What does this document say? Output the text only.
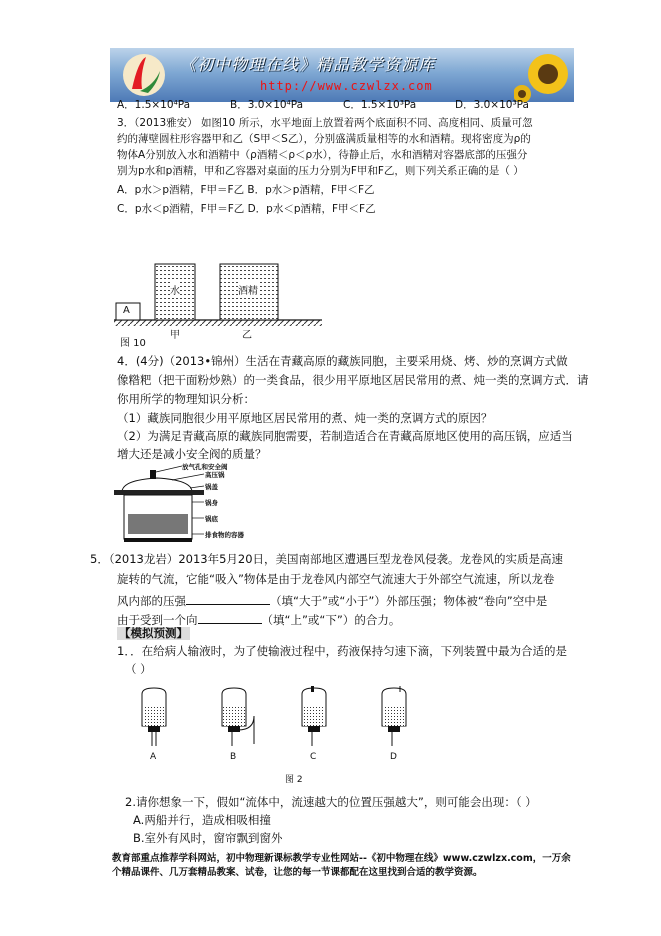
《初中物理在线》精品教学资源库
http://www.czwlzx.com
A．1.5×10⁴Pa	B．3.0×10⁴Pa	C．1.5×10³Pa	D．3.0×10³Pa
3．（2013雅安） 如图10 所示，水平地面上放置着两个底面积不同、高度相同、质量可忽
约的薄壁圆柱形容器甲和乙（S甲＜S乙），分别盛满质量相等的水和酒精。现将密度为ρ的
物体A分别放入水和酒精中（ρ酒精＜ρ＜ρ水），待静止后，水和酒精对容器底部的压强分
别为p水和p酒精，甲和乙容器对桌面的压力分别为F甲和F乙，则下列关系正确的是（ ）
A．p水＞p酒精，F甲＝F乙 B．p水＞p酒精，F甲＜F乙
C．p水＜p酒精，F甲＝F乙 D．p水＜p酒精，F甲＜F乙
A
水	酒精
甲	乙
图 10
4．(4分)（2013•锦州）生活在青藏高原的藏族同胞，主要采用烧、烤、炒的烹调方式做
像糌粑（把干面粉炒熟）的一类食品，很少用平原地区居民常用的煮、炖一类的烹调方式．请
你用所学的物理知识分析：
（1）藏族同胞很少用平原地区居民常用的煮、炖一类的烹调方式的原因？
（2）为满足青藏高原的藏族同胞需要，若制造适合在青藏高原地区使用的高压锅，应适当
增大还是减小安全阀的质量？
放气孔和安全阀
高压锅
锅盖
锅身
锅底
排食物的容器
5．（2013龙岩）2013年5月20日，美国南部地区遭遇巨型龙卷风侵袭。龙卷风的实质是高速
旋转的气流，它能“吸入”物体是由于龙卷风内部空气流速大于外部空气流速，所以龙卷
风内部的压强	（填“大于”或“小于”）外部压强；物体被“卷向”空中是
由于受到一个向	（填“上”或“下”）的合力。
【模拟预测】
1．．在给病人输液时，为了使输液过程中，药液保持匀速下滴，下列装置中最为合适的是
（ ）
A	B	C	D
图 2
2.请你想象一下，假如“流体中，流速越大的位置压强越大”，则可能会出现：（ ）
A.两船并行，造成相吸相撞
B.室外有风时，窗帘飘到窗外
教育部重点推荐学科网站，初中物理新课标教学专业性网站--《初中物理在线》www.czwlzx.com，一万余
个精品课件、几万套精品教案、试卷，让您的每一节课都配在这里找到合适的教学资源。
